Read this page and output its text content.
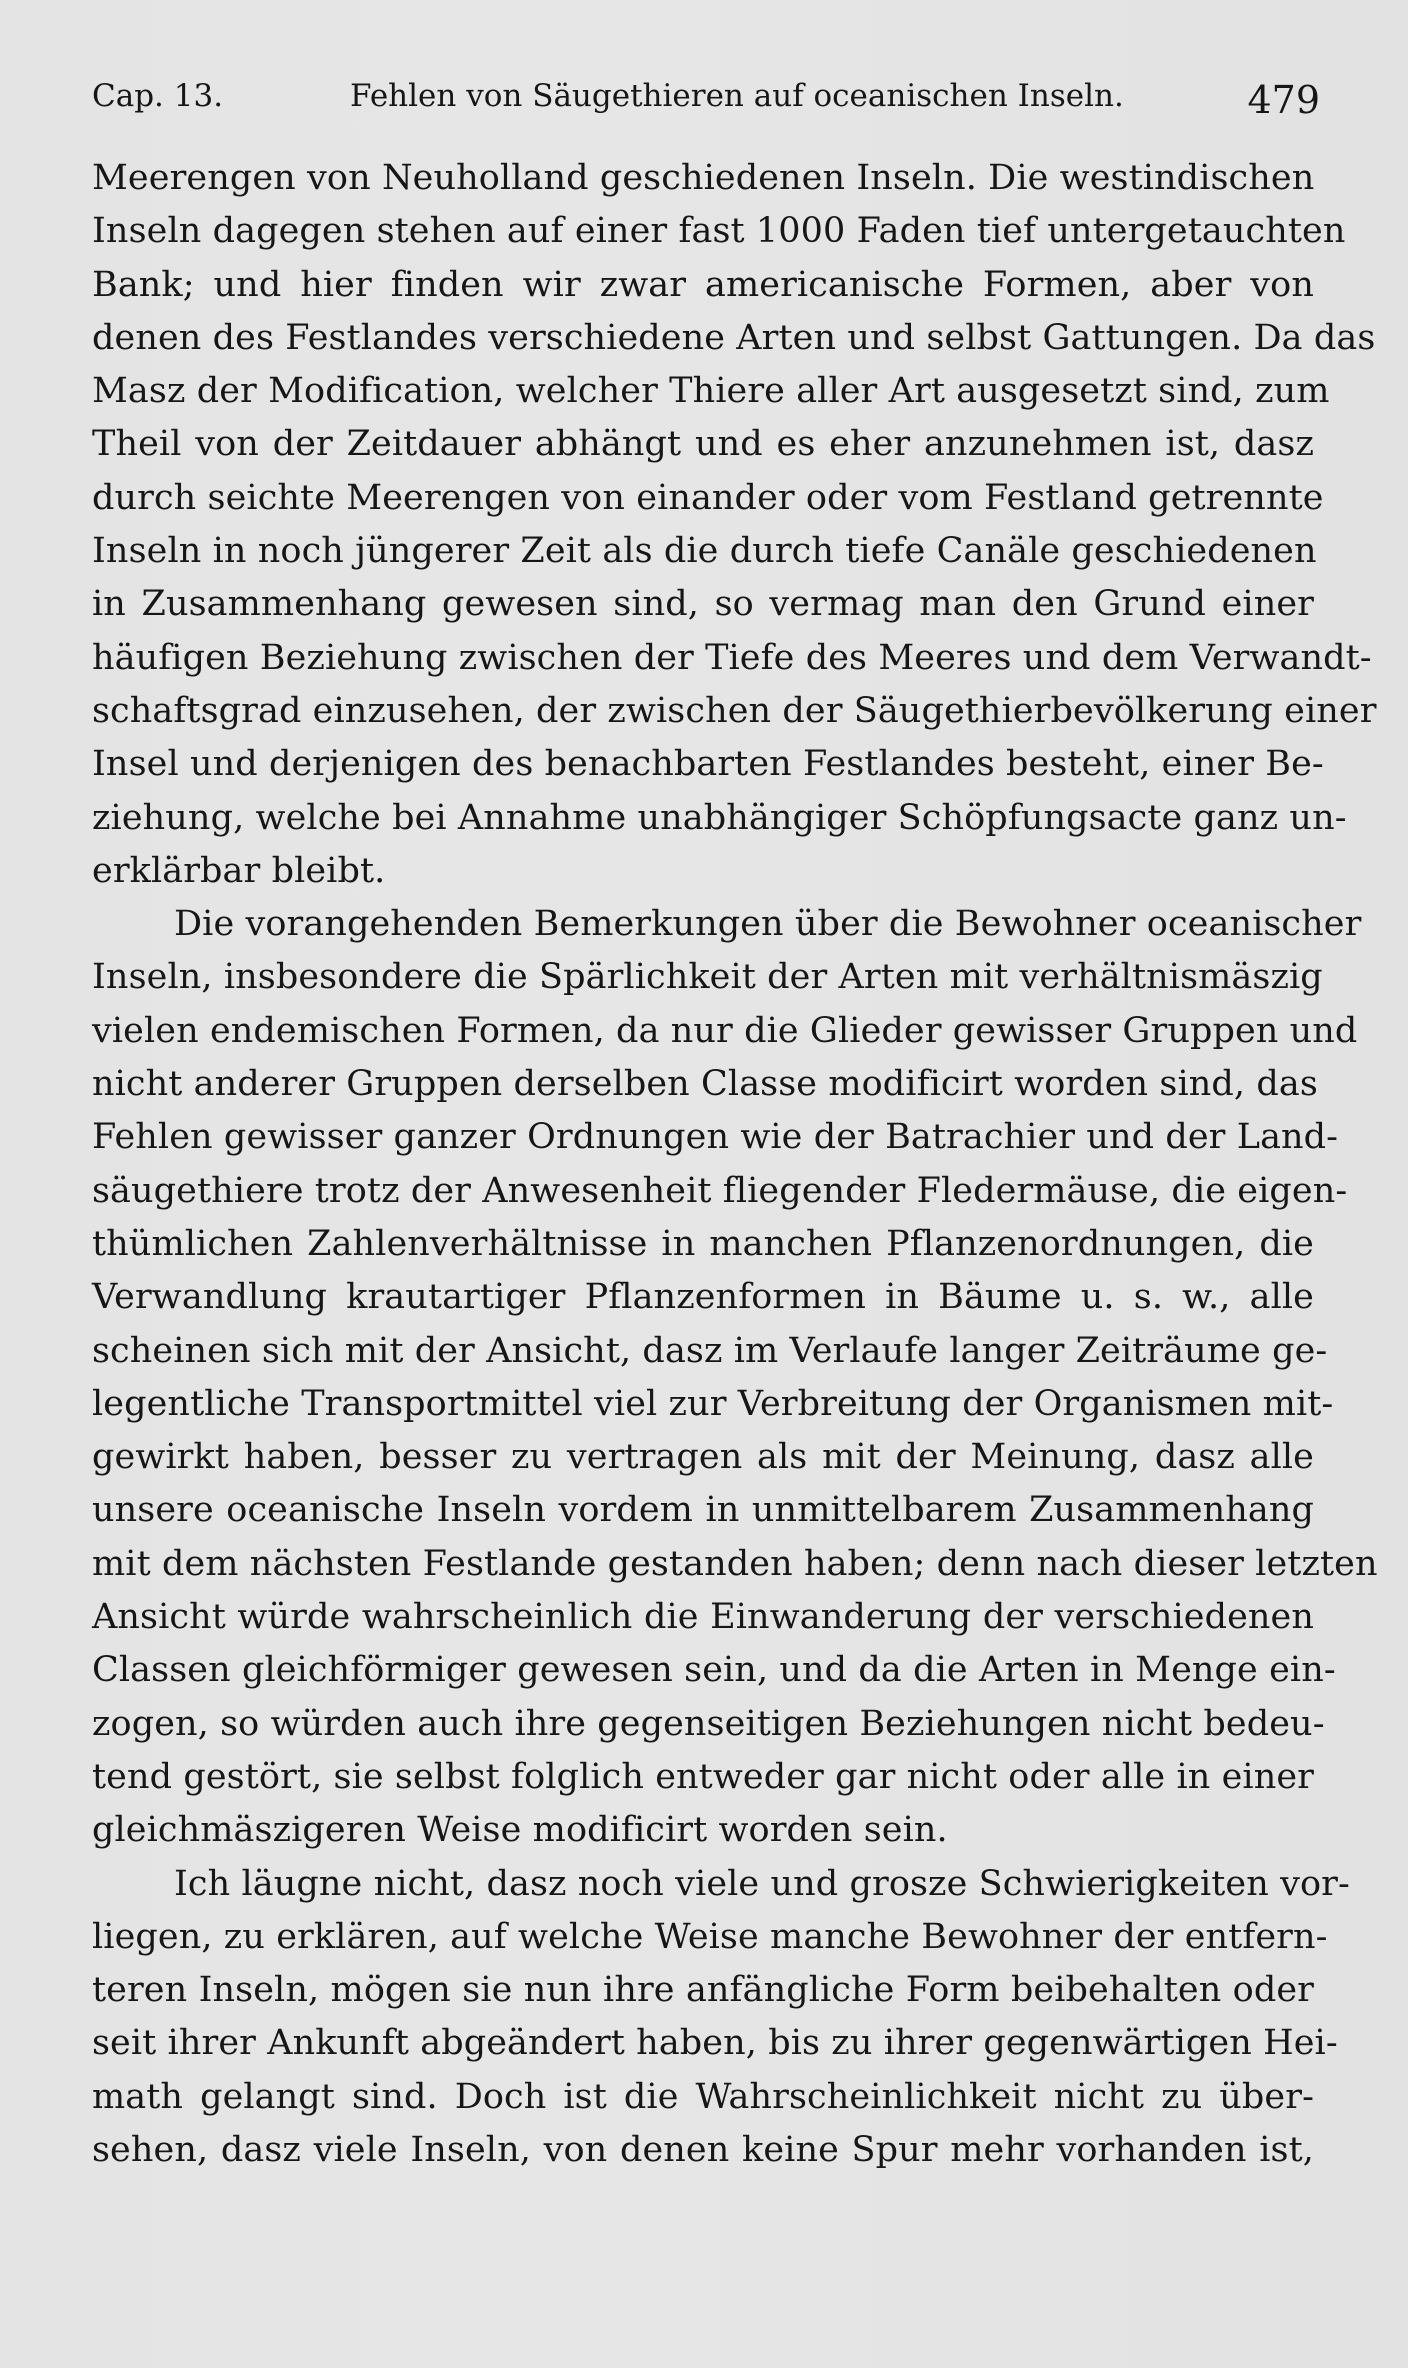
Cap. 13.	Fehlen von Säugethieren auf oceanischen Inseln.	479
Meerengen von Neuholland geschiedenen Inseln. Die westindischen
Inseln dagegen stehen auf einer fast 1000 Faden tief untergetauchten
Bank; und hier finden wir zwar americanische Formen, aber von
denen des Festlandes verschiedene Arten und selbst Gattungen. Da das
Masz der Modification, welcher Thiere aller Art ausgesetzt sind, zum
Theil von der Zeitdauer abhängt und es eher anzunehmen ist, dasz
durch seichte Meerengen von einander oder vom Festland getrennte
Inseln in noch jüngerer Zeit als die durch tiefe Canäle geschiedenen
in Zusammenhang gewesen sind, so vermag man den Grund einer
häufigen Beziehung zwischen der Tiefe des Meeres und dem Verwandt-
schaftsgrad einzusehen, der zwischen der Säugethierbevölkerung einer
Insel und derjenigen des benachbarten Festlandes besteht, einer Be-
ziehung, welche bei Annahme unabhängiger Schöpfungsacte ganz un-
erklärbar bleibt.
Die vorangehenden Bemerkungen über die Bewohner oceanischer
Inseln, insbesondere die Spärlichkeit der Arten mit verhältnismäszig
vielen endemischen Formen, da nur die Glieder gewisser Gruppen und
nicht anderer Gruppen derselben Classe modificirt worden sind, das
Fehlen gewisser ganzer Ordnungen wie der Batrachier und der Land-
säugethiere trotz der Anwesenheit fliegender Fledermäuse, die eigen-
thümlichen Zahlenverhältnisse in manchen Pflanzenordnungen, die
Verwandlung krautartiger Pflanzenformen in Bäume u. s. w., alle
scheinen sich mit der Ansicht, dasz im Verlaufe langer Zeiträume ge-
legentliche Transportmittel viel zur Verbreitung der Organismen mit-
gewirkt haben, besser zu vertragen als mit der Meinung, dasz alle
unsere oceanische Inseln vordem in unmittelbarem Zusammenhang
mit dem nächsten Festlande gestanden haben; denn nach dieser letzten
Ansicht würde wahrscheinlich die Einwanderung der verschiedenen
Classen gleichförmiger gewesen sein, und da die Arten in Menge ein-
zogen, so würden auch ihre gegenseitigen Beziehungen nicht bedeu-
tend gestört, sie selbst folglich entweder gar nicht oder alle in einer
gleichmäszigeren Weise modificirt worden sein.
Ich läugne nicht, dasz noch viele und grosze Schwierigkeiten vor-
liegen, zu erklären, auf welche Weise manche Bewohner der entfern-
teren Inseln, mögen sie nun ihre anfängliche Form beibehalten oder
seit ihrer Ankunft abgeändert haben, bis zu ihrer gegenwärtigen Hei-
math gelangt sind. Doch ist die Wahrscheinlichkeit nicht zu über-
sehen, dasz viele Inseln, von denen keine Spur mehr vorhanden ist,
